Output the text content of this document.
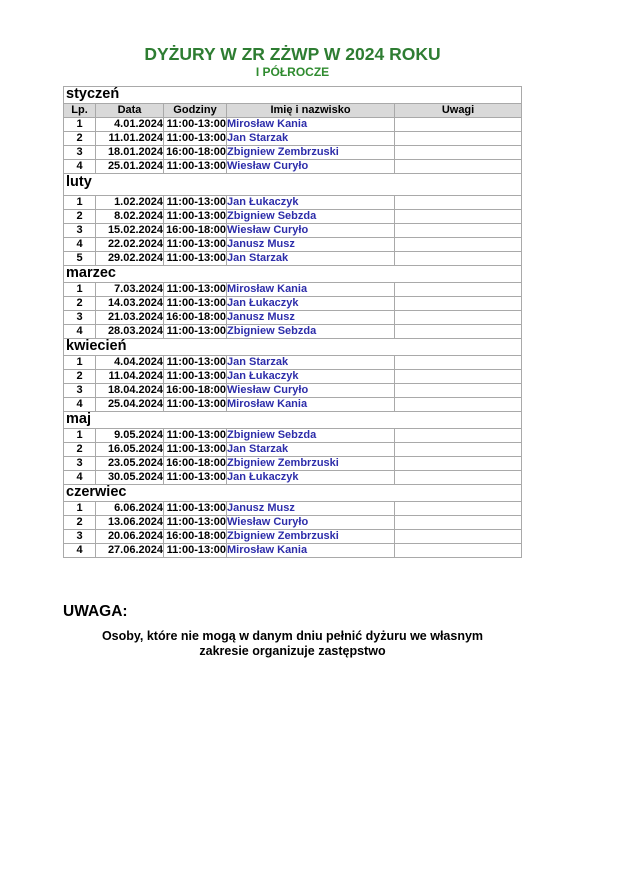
DYŻURY W ZR ZŻWP W 2024 ROKU
I PÓŁROCZE
styczeń				
Lp.	Data	Godziny	Imię i nazwisko	Uwagi
1	4.01.2024	11:00-13:00	Mirosław Kania	
2	11.01.2024	11:00-13:00	Jan Starzak	
3	18.01.2024	16:00-18:00	Zbigniew Zembrzuski	
4	25.01.2024	11:00-13:00	Wiesław Curyło	
luty				
1	1.02.2024	11:00-13:00	Jan Łukaczyk	
2	8.02.2024	11:00-13:00	Zbigniew Sebzda	
3	15.02.2024	16:00-18:00	Wiesław Curyło	
4	22.02.2024	11:00-13:00	Janusz Musz	
5	29.02.2024	11:00-13:00	Jan Starzak	
marzec				
1	7.03.2024	11:00-13:00	Mirosław Kania	
2	14.03.2024	11:00-13:00	Jan Łukaczyk	
3	21.03.2024	16:00-18:00	Janusz Musz	
4	28.03.2024	11:00-13:00	Zbigniew Sebzda	
kwiecień				
1	4.04.2024	11:00-13:00	Jan Starzak	
2	11.04.2024	11:00-13:00	Jan Łukaczyk	
3	18.04.2024	16:00-18:00	Wiesław Curyło	
4	25.04.2024	11:00-13:00	Mirosław Kania	
maj				
1	9.05.2024	11:00-13:00	Zbigniew Sebzda	
2	16.05.2024	11:00-13:00	Jan Starzak	
3	23.05.2024	16:00-18:00	Zbigniew Zembrzuski	
4	30.05.2024	11:00-13:00	Jan Łukaczyk	
czerwiec				
1	6.06.2024	11:00-13:00	Janusz Musz	
2	13.06.2024	11:00-13:00	Wiesław Curyło	
3	20.06.2024	16:00-18:00	Zbigniew Zembrzuski	
4	27.06.2024	11:00-13:00	Mirosław Kania	
UWAGA:
Osoby, które nie mogą w danym dniu pełnić dyżuru we własnym
zakresie organizuje zastępstwo
